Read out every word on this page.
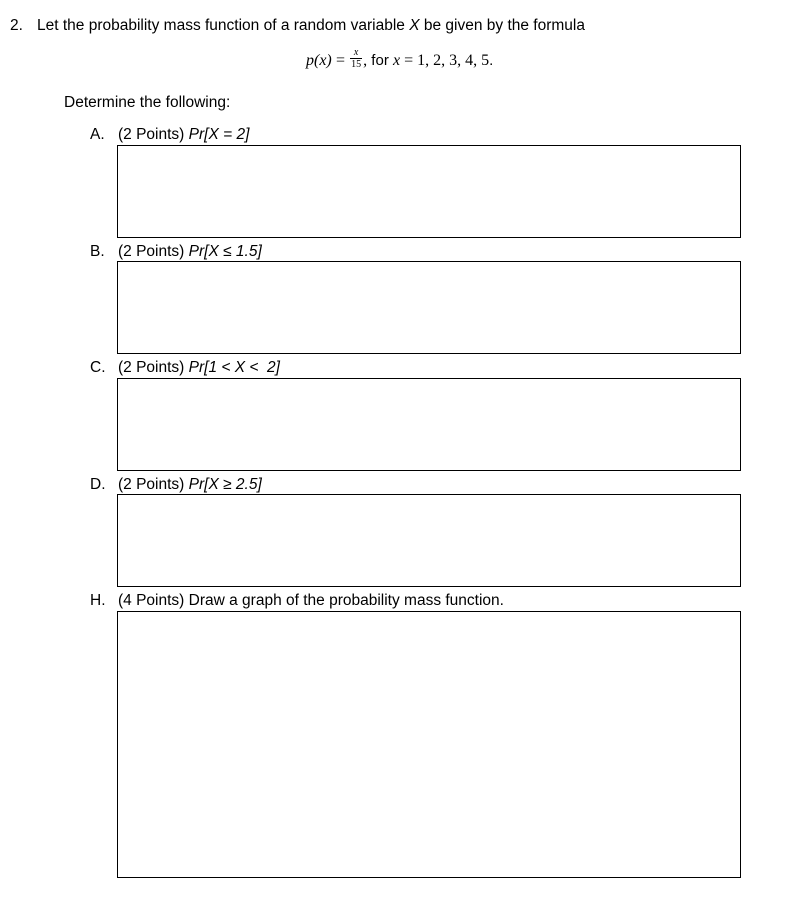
2. Let the probability mass function of a random variable X be given by the formula
$p(x) = \frac{x}{15}$ , for x = 1, 2, 3, 4, 5.
Determine the following:
A. (2 Points) Pr[X = 2]
B. (2 Points) Pr[X ≤ 1.5]
C. (2 Points) Pr[1 < X <  2]
D. (2 Points) Pr[X ≥ 2.5]
H. (4 Points) Draw a graph of the probability mass function.
